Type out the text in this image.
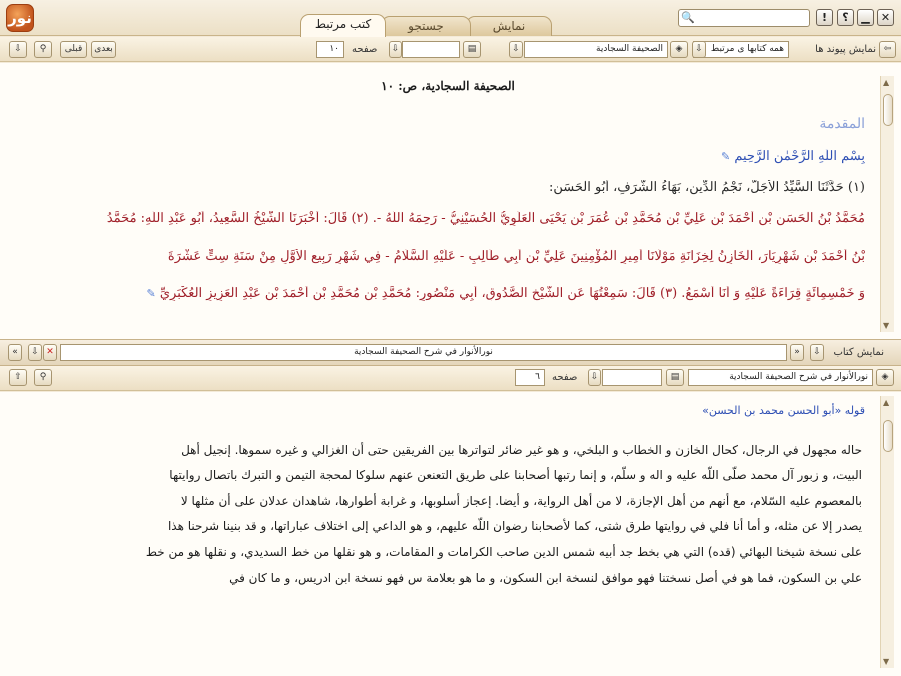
نور	نمایش
جستجو
کتب مرتبط	🔍	!	؟	▁	✕
⇦
نمایش پیوند ها
همه کتابها ی مرتبط
⇩
◈
الصحيفة السجادية
⇩
▤
⇩
صفحه
۱۰
بعدی
قبلی
⚲
⇩
الصحيفة السجادية، ص: ١٠
المقدمة
بِسْمِ اللّٰهِ الرَّحْمٰنِ الرَّحِيمِ ✎
(١) حَدَّثَنَا السَّيِّدُ الْأَجَلُّ، نَجْمُ الدِّينِ، بَهَاءُ الشَّرَفِ، أَبُو الْحَسَنِ:
مُحَمَّدُ بْنُ الْحَسَنِ بْنِ أَحْمَدَ بْنِ عَلِيِّ بْنِ مُحَمَّدِ بْنِ عُمَرَ بْنِ يَحْيَى الْعَلَوِيُّ الْحُسَيْنِيُّ - رَحِمَهُ اللَّهُ -. (٢) قَالَ: أَخْبَرَنَا الشَّيْخُ السَّعِيدُ، أَبُو عَبْدِ اللَّهِ: مُحَمَّدُ
بْنُ أَحْمَدَ بْنِ شَهْرِيَارَ، الْخَازِنُ لِخِزَانَةِ مَوْلَانَا أَمِيرِ الْمُؤْمِنِينَ عَلِيِّ بْنِ أَبِي طَالِبٍ - عَلَيْهِ السَّلَامُ - فِي شَهْرِ رَبِيعٍ الْأَوَّلِ مِنْ سَنَةِ سِتٍّ عَشْرَةَ
وَ خَمْسِمِائَةٍ قِرَاءَةً عَلَيْهِ وَ أَنَا أَسْمَعُ. (٣) قَالَ: سَمِعْتُهَا عَنِ الشَّيْخِ الصَّدُوقِ، أَبِي مَنْصُورٍ: مُحَمَّدِ بْنِ مُحَمَّدِ بْنِ أَحْمَدَ بْنِ عَبْدِ الْعَزِيزِ الْعُكْبَرِيِّ ✎
▲
▼
«	⇩ ✕	نورالأنوار في شرح الصحيفة السجادية	»	⇩	نمایش کتاب
◈
نورالأنوار في شرح الصحيفة السجادية
▤
⇩
صفحه
٦
⚲
⇧
قوله «أبو الحسن محمد بن الحسن»
حاله مجهول في الرجال، كحال الخازن و الخطاب و البلخي، و هو غير ضائر لتواترها بين الفريقين حتى أن الغزالي و غيره سموها. إنجيل أهل
البيت، و زبور آل محمد صلّى اللّه عليه و اله و سلّم، و إنما رتبها أصحابنا على طريق التعنعن عنهم سلوكا لمحجة التيمن و التبرك باتصال روايتها
بالمعصوم عليه السّلام، مع أنهم من أهل الإجازة، لا من أهل الرواية، و أيضا. إعجاز أسلوبها، و غرابة أطوارها، شاهدان عدلان على أن مثلها لا
يصدر إلا عن مثله، و أما أنا فلي في روايتها طرق شتى، كما لأصحابنا رضوان اللّه عليهم، و هو الداعي إلى اختلاف عباراتها، و قد بنينا شرحنا هذا
على نسخة شيخنا البهائي (قده) التي هي بخط جد أبيه شمس الدين صاحب الكرامات و المقامات، و هو نقلها من خط السديدي، و نقلها هو من خط
علي بن السكون، فما هو في أصل نسختنا فهو موافق لنسخة ابن السكون، و ما هو بعلامة س فهو نسخة ابن ادريس، و ما كان في
▲
▼
